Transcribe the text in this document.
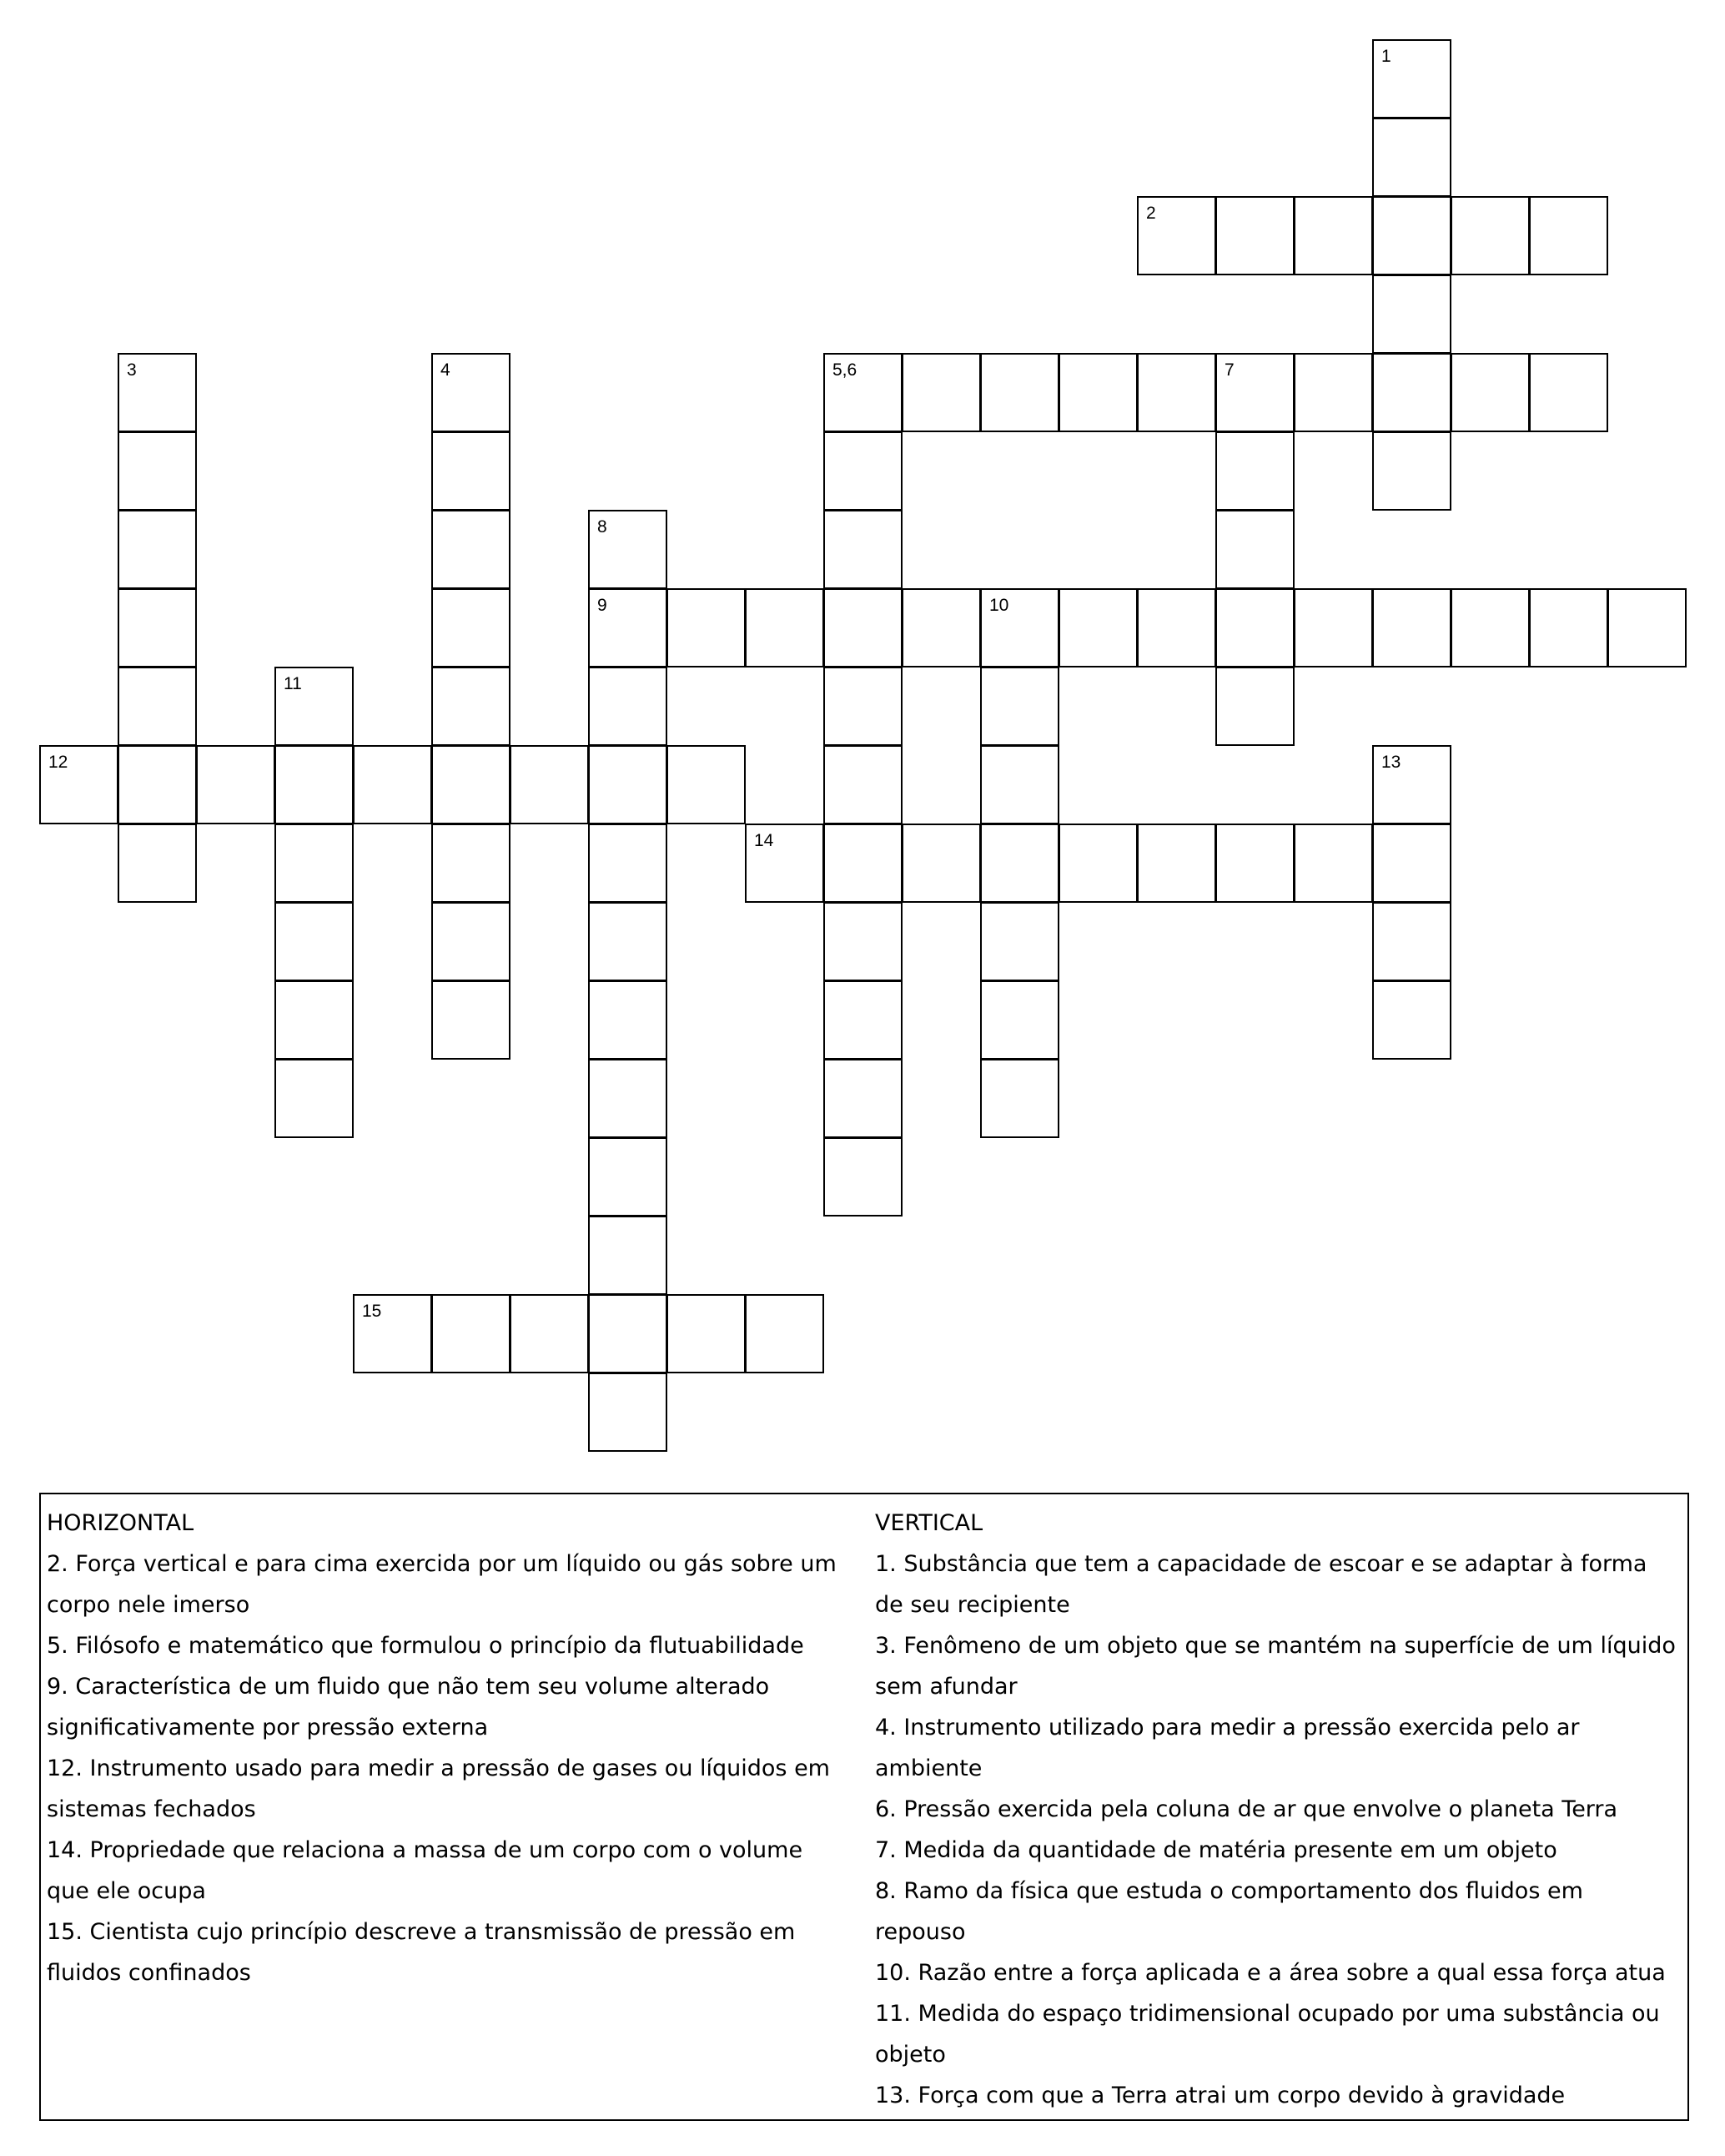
1
2
3	4	5,6	7
8
9	10
11
12	13
14
15

HORIZONTAL

2. Força vertical e para cima exercida por um líquido ou gás sobre um corpo nele imerso

5. Filósofo e matemático que formulou o princípio da flutuabilidade

9. Característica de um fluido que não tem seu volume alterado significativamente por pressão externa

12. Instrumento usado para medir a pressão de gases ou líquidos em sistemas fechados

14. Propriedade que relaciona a massa de um corpo com o volume que ele ocupa

15. Cientista cujo princípio descreve a transmissão de pressão em fluidos confinados

VERTICAL

1. Substância que tem a capacidade de escoar e se adaptar à forma de seu recipiente

3. Fenômeno de um objeto que se mantém na superfície de um líquido sem afundar

4. Instrumento utilizado para medir a pressão exercida pelo ar ambiente

6. Pressão exercida pela coluna de ar que envolve o planeta Terra

7. Medida da quantidade de matéria presente em um objeto

8. Ramo da física que estuda o comportamento dos fluidos em repouso

10. Razão entre a força aplicada e a área sobre a qual essa força atua

11. Medida do espaço tridimensional ocupado por uma substância ou objeto

13. Força com que a Terra atrai um corpo devido à gravidade
